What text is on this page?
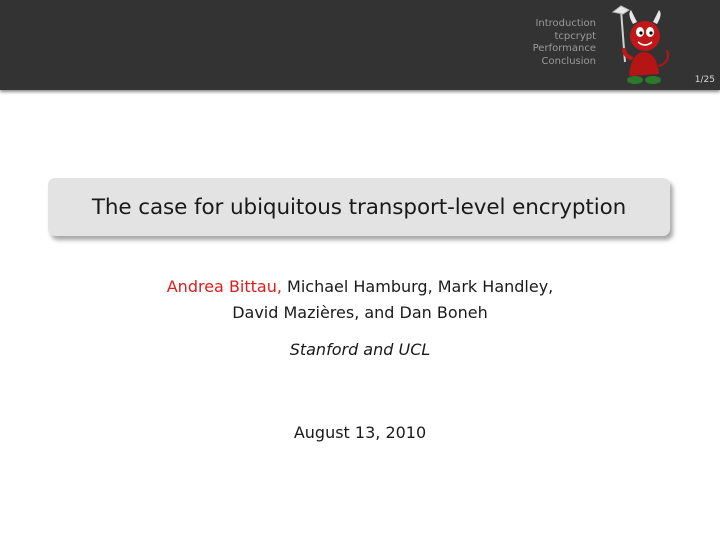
Introduction
tcpcrypt
Performance
Conclusion
1/25
The case for ubiquitous transport-level encryption
Andrea Bittau, Michael Hamburg, Mark Handley,
David Mazières, and Dan Boneh
Stanford and UCL
August 13, 2010
